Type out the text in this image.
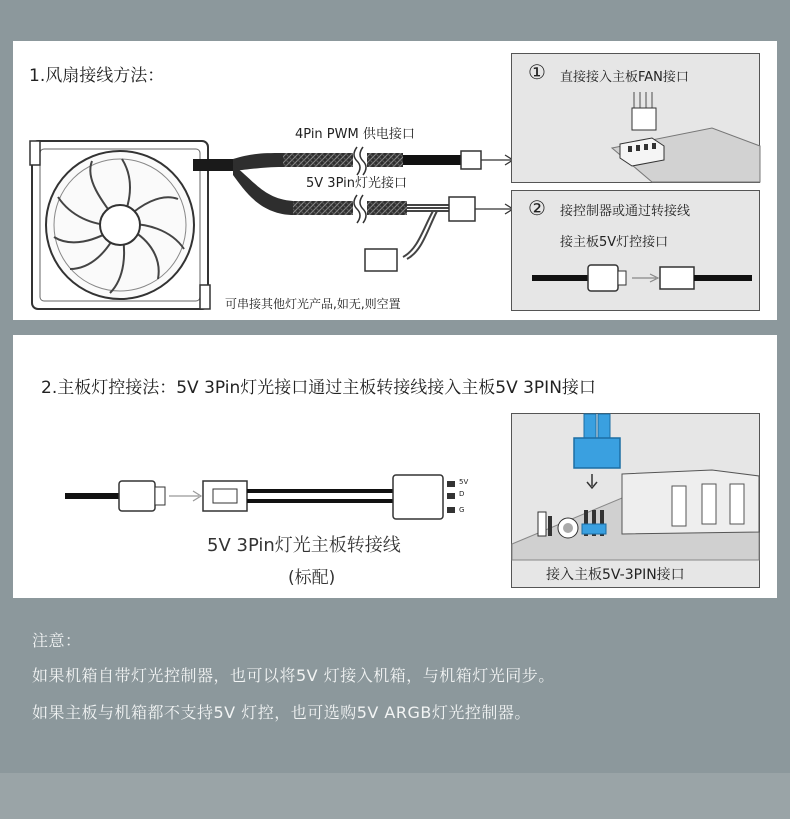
1.风扇接线方法：
4Pin PWM 供电接口
5V 3Pin灯光接口
可串接其他灯光产品,如无,则空置
① 直接接入主板FAN接口
② 接控制器或通过转接线
接主板5V灯控接口
2.主板灯控接法：5V 3Pin灯光接口通过主板转接线接入主板5V 3PIN接口
5V
D
G
5V 3Pin灯光主板转接线
(标配)	接入主板5V-3PIN接口
注意：
如果机箱自带灯光控制器，也可以将5V 灯接入机箱，与机箱灯光同步。
如果主板与机箱都不支持5V 灯控，也可选购5V ARGB灯光控制器。
